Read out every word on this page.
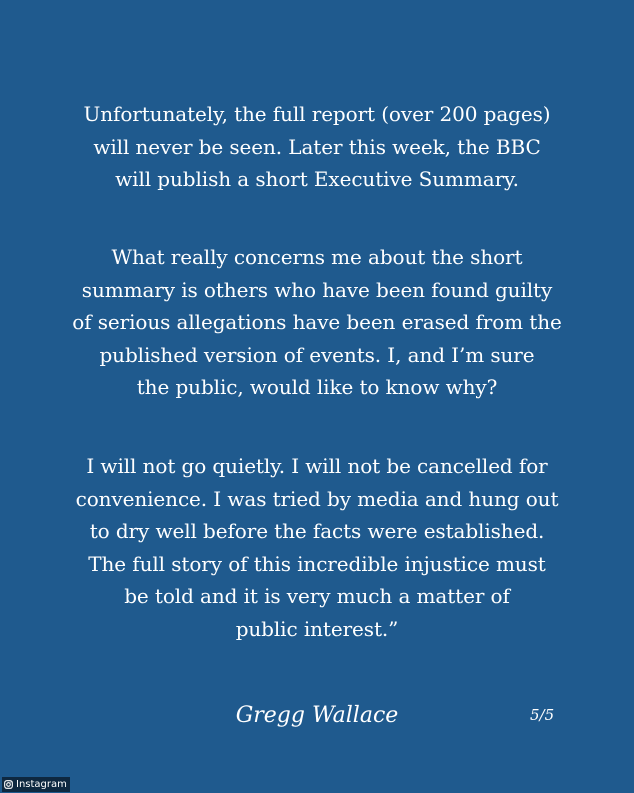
Unfortunately, the full report (over 200 pages)
will never be seen. Later this week, the BBC
will publish a short Executive Summary.

What really concerns me about the short
summary is others who have been found guilty
of serious allegations have been erased from the
published version of events. I, and I’m sure
the public, would like to know why?

I will not go quietly. I will not be cancelled for
convenience. I was tried by media and hung out
to dry well before the facts were established.
The full story of this incredible injustice must
be told and it is very much a matter of
public interest.”

Gregg Wallace	5/5
Instagram
